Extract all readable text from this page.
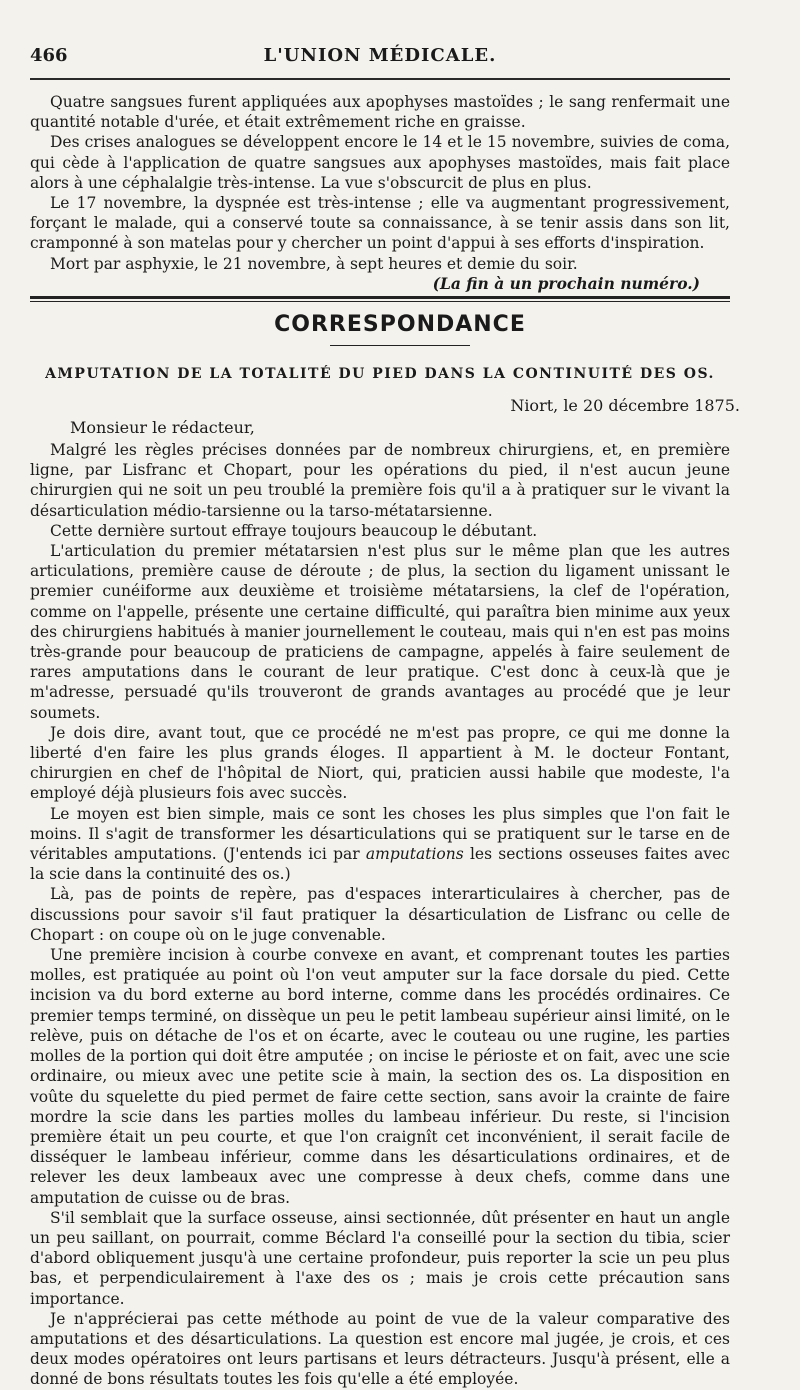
466	L'UNION MÉDICALE.

Quatre sangsues furent appliquées aux apophyses mastoïdes ; le sang renfermait une quantité notable d'urée, et était extrêmement riche en graisse.

Des crises analogues se développent encore le 14 et le 15 novembre, suivies de coma, qui cède à l'application de quatre sangsues aux apophyses mastoïdes, mais fait place alors à une céphalalgie très-intense. La vue s'obscurcit de plus en plus.

Le 17 novembre, la dyspnée est très-intense ; elle va augmentant progressivement, forçant le malade, qui a conservé toute sa connaissance, à se tenir assis dans son lit, cramponné à son matelas pour y chercher un point d'appui à ses efforts d'inspiration.

Mort par asphyxie, le 21 novembre, à sept heures et demie du soir.

(La fin à un prochain numéro.)
CORRESPONDANCE
AMPUTATION DE LA TOTALITÉ DU PIED DANS LA CONTINUITÉ DES OS.
Niort, le 20 décembre 1875.
Monsieur le rédacteur,

Malgré les règles précises données par de nombreux chirurgiens, et, en première ligne, par Lisfranc et Chopart, pour les opérations du pied, il n'est aucun jeune chirurgien qui ne soit un peu troublé la première fois qu'il a à pratiquer sur le vivant la désarticulation médio-tarsienne ou la tarso-métatarsienne.

Cette dernière surtout effraye toujours beaucoup le débutant.

L'articulation du premier métatarsien n'est plus sur le même plan que les autres articulations, première cause de déroute ; de plus, la section du ligament unissant le premier cunéiforme aux deuxième et troisième métatarsiens, la clef de l'opération, comme on l'appelle, présente une certaine difficulté, qui paraîtra bien minime aux yeux des chirurgiens habitués à manier journellement le couteau, mais qui n'en est pas moins très-grande pour beaucoup de praticiens de campagne, appelés à faire seulement de rares amputations dans le courant de leur pratique. C'est donc à ceux-là que je m'adresse, persuadé qu'ils trouveront de grands avantages au procédé que je leur soumets.

Je dois dire, avant tout, que ce procédé ne m'est pas propre, ce qui me donne la liberté d'en faire les plus grands éloges. Il appartient à M. le docteur Fontant, chirurgien en chef de l'hôpital de Niort, qui, praticien aussi habile que modeste, l'a employé déjà plusieurs fois avec succès.

Le moyen est bien simple, mais ce sont les choses les plus simples que l'on fait le moins. Il s'agit de transformer les désarticulations qui se pratiquent sur le tarse en de véritables amputations. (J'entends ici par amputations les sections osseuses faites avec la scie dans la continuité des os.)

Là, pas de points de repère, pas d'espaces interarticulaires à chercher, pas de discussions pour savoir s'il faut pratiquer la désarticulation de Lisfranc ou celle de Chopart : on coupe où on le juge convenable.

Une première incision à courbe convexe en avant, et comprenant toutes les parties molles, est pratiquée au point où l'on veut amputer sur la face dorsale du pied. Cette incision va du bord externe au bord interne, comme dans les procédés ordinaires. Ce premier temps terminé, on dissèque un peu le petit lambeau supérieur ainsi limité, on le relève, puis on détache de l'os et on écarte, avec le couteau ou une rugine, les parties molles de la portion qui doit être amputée ; on incise le périoste et on fait, avec une scie ordinaire, ou mieux avec une petite scie à main, la section des os. La disposition en voûte du squelette du pied permet de faire cette section, sans avoir la crainte de faire mordre la scie dans les parties molles du lambeau inférieur. Du reste, si l'incision première était un peu courte, et que l'on craignît cet inconvénient, il serait facile de disséquer le lambeau inférieur, comme dans les désarticulations ordinaires, et de relever les deux lambeaux avec une compresse à deux chefs, comme dans une amputation de cuisse ou de bras.

S'il semblait que la surface osseuse, ainsi sectionnée, dût présenter en haut un angle un peu saillant, on pourrait, comme Béclard l'a conseillé pour la section du tibia, scier d'abord obliquement jusqu'à une certaine profondeur, puis reporter la scie un peu plus bas, et perpendiculairement à l'axe des os ; mais je crois cette précaution sans importance.

Je n'apprécierai pas cette méthode au point de vue de la valeur comparative des amputations et des désarticulations. La question est encore mal jugée, je crois, et ces deux modes opératoires ont leurs partisans et leurs détracteurs. Jusqu'à présent, elle a donné de bons résultats toutes les fois qu'elle a été employée.
